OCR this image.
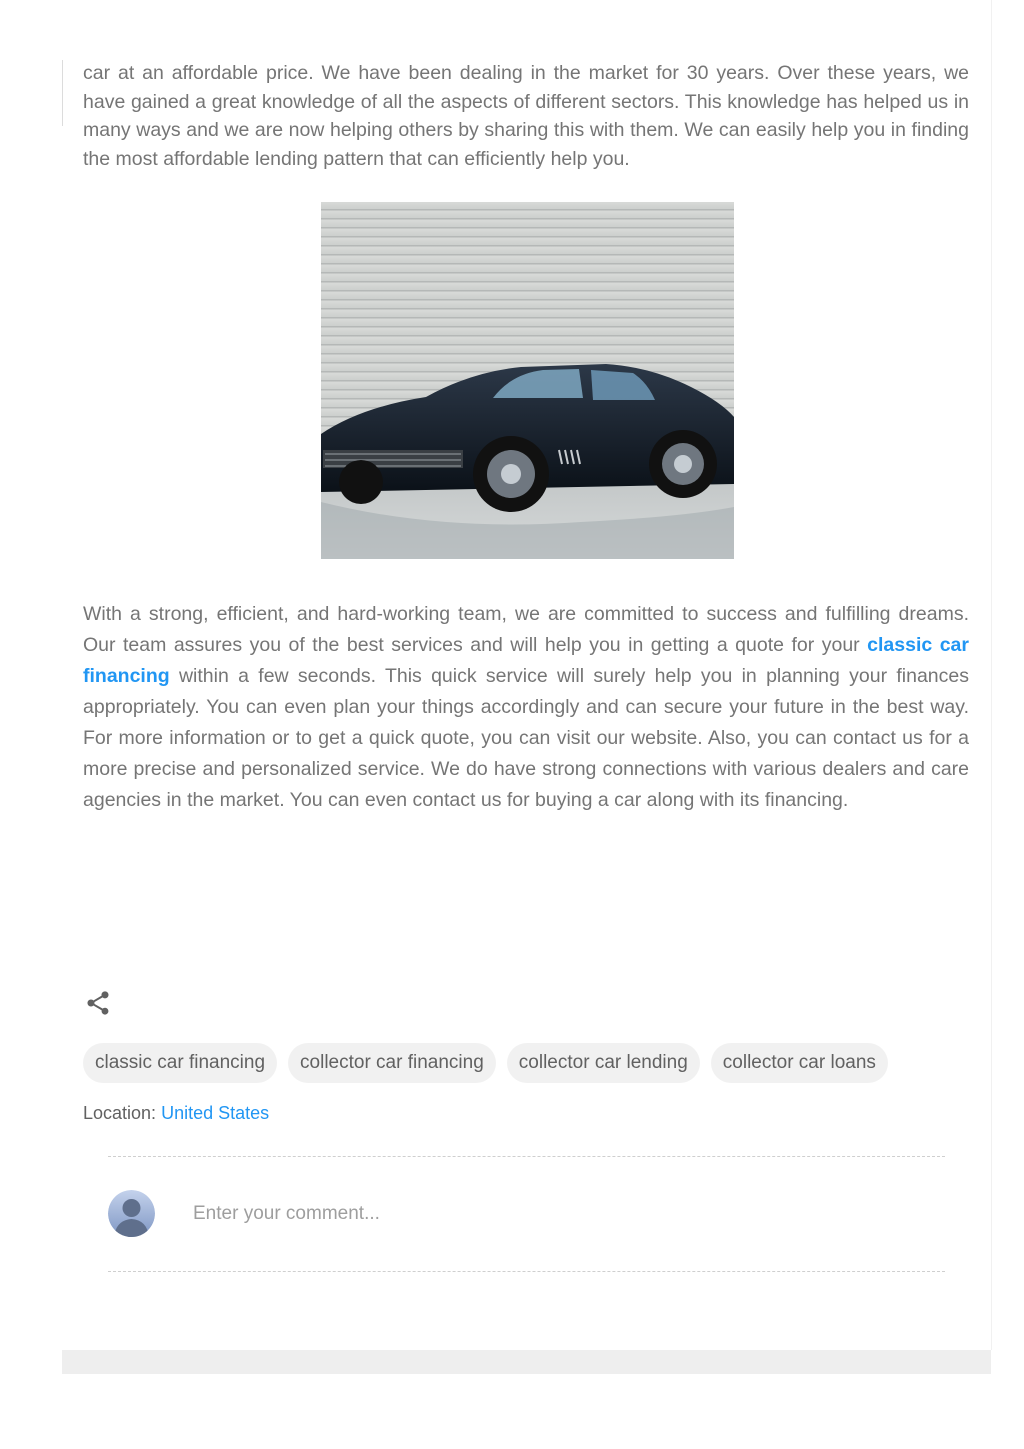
car at an affordable price. We have been dealing in the market for 30 years. Over these years, we have gained a great knowledge of all the aspects of different sectors. This knowledge has helped us in many ways and we are now helping others by sharing this with them. We can easily help you in finding the most affordable lending pattern that can efficiently help you.

With a strong, efficient, and hard-working team, we are committed to success and fulfilling dreams. Our team assures you of the best services and will help you in getting a quote for your classic car financing within a few seconds. This quick service will surely help you in planning your finances appropriately. You can even plan your things accordingly and can secure your future in the best way. For more information or to get a quick quote, you can visit our website. Also, you can contact us for a more precise and personalized service. We do have strong connections with various dealers and care agencies in the market. You can even contact us for buying a car along with its financing.

classic car financing	collector car financing	collector car lending	collector car loans
Location: United States
Enter your comment...
